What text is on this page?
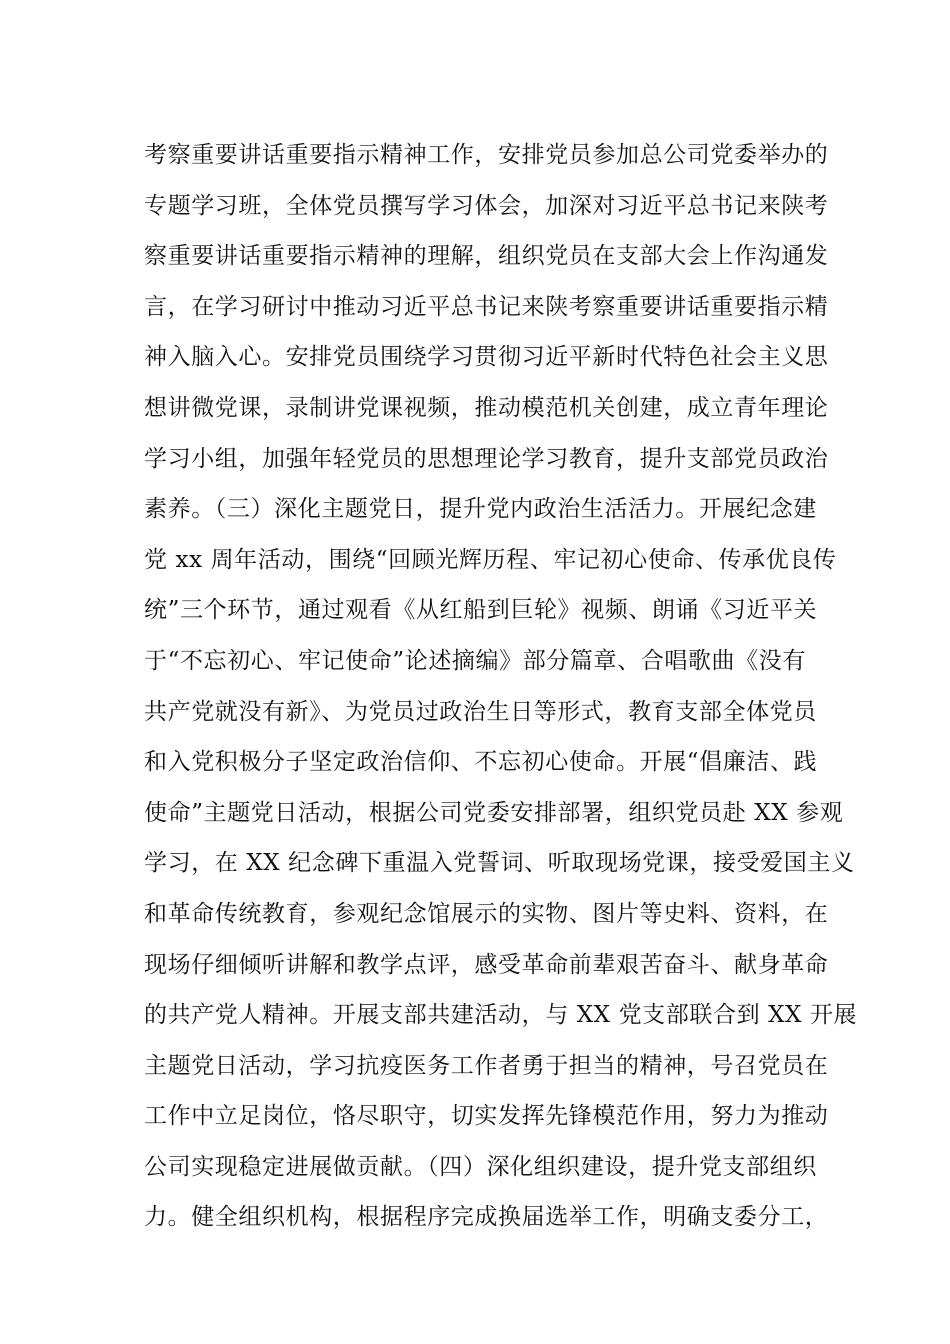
考察重要讲话重要指示精神工作，安排党员参加总公司党委举办的
专题学习班，全体党员撰写学习体会，加深对习近平总书记来陕考
察重要讲话重要指示精神的理解，组织党员在支部大会上作沟通发
言，在学习研讨中推动习近平总书记来陕考察重要讲话重要指示精
神入脑入心。安排党员围绕学习贯彻习近平新时代特色社会主义思
想讲微党课，录制讲党课视频，推动模范机关创建，成立青年理论
学习小组，加强年轻党员的思想理论学习教育，提升支部党员政治
素养。（三）深化主题党日，提升党内政治生活活力。开展纪念建
党 xx 周年活动，围绕“回顾光辉历程、牢记初心使命、传承优良传
统”三个环节，通过观看《从红船到巨轮》视频、朗诵《习近平关
于“不忘初心、牢记使命”论述摘编》部分篇章、合唱歌曲《没有
共产党就没有新》、为党员过政治生日等形式，教育支部全体党员
和入党积极分子坚定政治信仰、不忘初心使命。开展“倡廉洁、践
使命”主题党日活动，根据公司党委安排部署，组织党员赴 XX 参观
学习，在 XX 纪念碑下重温入党誓词、听取现场党课，接受爱国主义
和革命传统教育，参观纪念馆展示的实物、图片等史料、资料，在
现场仔细倾听讲解和教学点评，感受革命前辈艰苦奋斗、献身革命
的共产党人精神。开展支部共建活动，与 XX 党支部联合到 XX 开展
主题党日活动，学习抗疫医务工作者勇于担当的精神，号召党员在
工作中立足岗位，恪尽职守，切实发挥先锋模范作用，努力为推动
公司实现稳定进展做贡献。（四）深化组织建设，提升党支部组织
力。健全组织机构，根据程序完成换届选举工作，明确支委分工，
